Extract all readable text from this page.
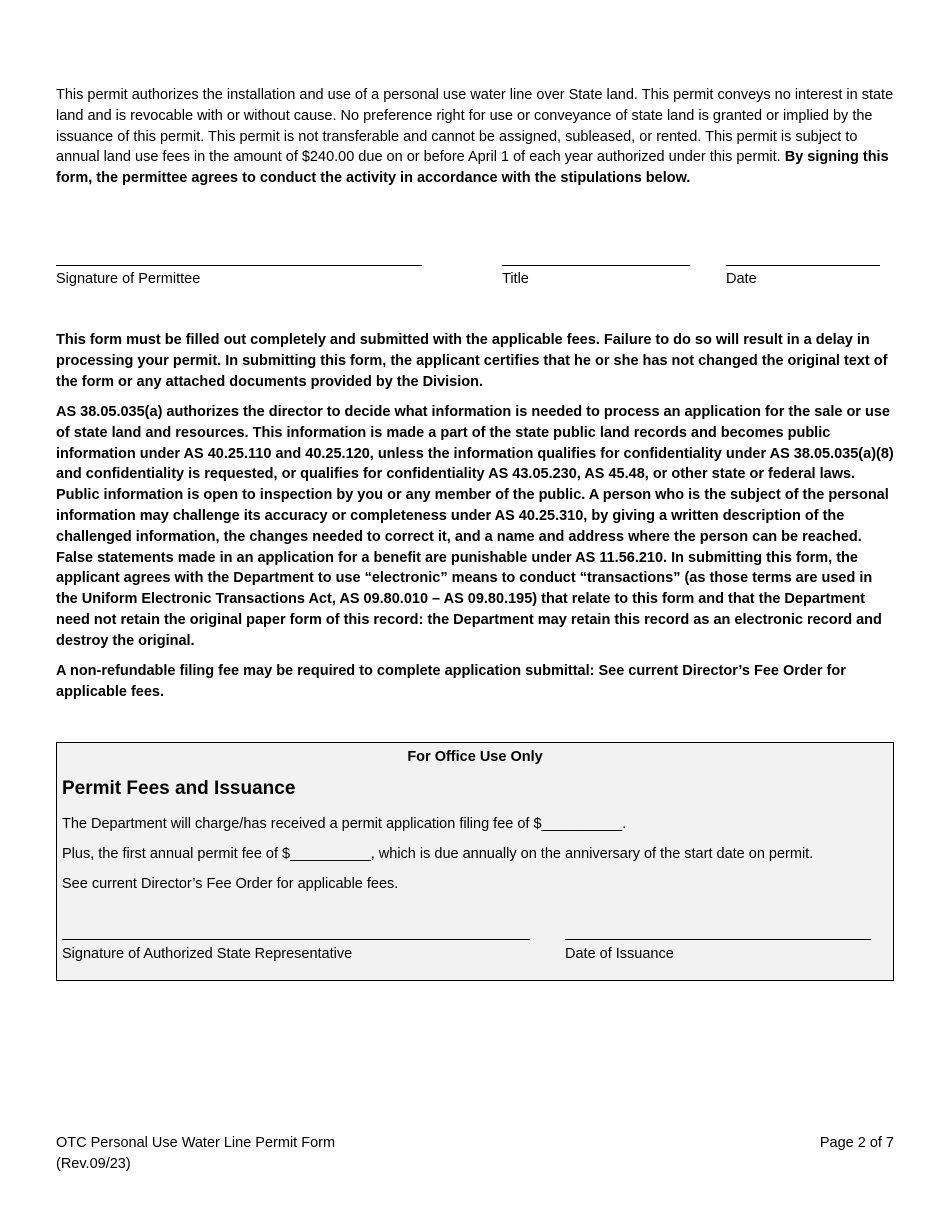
This permit authorizes the installation and use of a personal use water line over State land. This permit conveys no interest in state land and is revocable with or without cause. No preference right for use or conveyance of state land is granted or implied by the issuance of this permit. This permit is not transferable and cannot be assigned, subleased, or rented. This permit is subject to annual land use fees in the amount of $240.00 due on or before April 1 of each year authorized under this permit. By signing this form, the permittee agrees to conduct the activity in accordance with the stipulations below.
Signature of Permittee	Title	Date
This form must be filled out completely and submitted with the applicable fees. Failure to do so will result in a delay in processing your permit. In submitting this form, the applicant certifies that he or she has not changed the original text of the form or any attached documents provided by the Division.
AS 38.05.035(a) authorizes the director to decide what information is needed to process an application for the sale or use of state land and resources. This information is made a part of the state public land records and becomes public information under AS 40.25.110 and 40.25.120, unless the information qualifies for confidentiality under AS 38.05.035(a)(8) and confidentiality is requested, or qualifies for confidentiality AS 43.05.230, AS 45.48, or other state or federal laws. Public information is open to inspection by you or any member of the public. A person who is the subject of the personal information may challenge its accuracy or completeness under AS 40.25.310, by giving a written description of the challenged information, the changes needed to correct it, and a name and address where the person can be reached. False statements made in an application for a benefit are punishable under AS 11.56.210. In submitting this form, the applicant agrees with the Department to use “electronic” means to conduct “transactions” (as those terms are used in the Uniform Electronic Transactions Act, AS 09.80.010 – AS 09.80.195) that relate to this form and that the Department need not retain the original paper form of this record: the Department may retain this record as an electronic record and destroy the original.
A non-refundable filing fee may be required to complete application submittal: See current Director’s Fee Order for applicable fees.
For Office Use Only
Permit Fees and Issuance
The Department will charge/has received a permit application filing fee of $__________.
Plus, the first annual permit fee of $__________, which is due annually on the anniversary of the start date on permit.
See current Director’s Fee Order for applicable fees.
Signature of Authorized State Representative	Date of Issuance
OTC Personal Use Water Line Permit Form
(Rev.09/23)
Page 2 of 7
